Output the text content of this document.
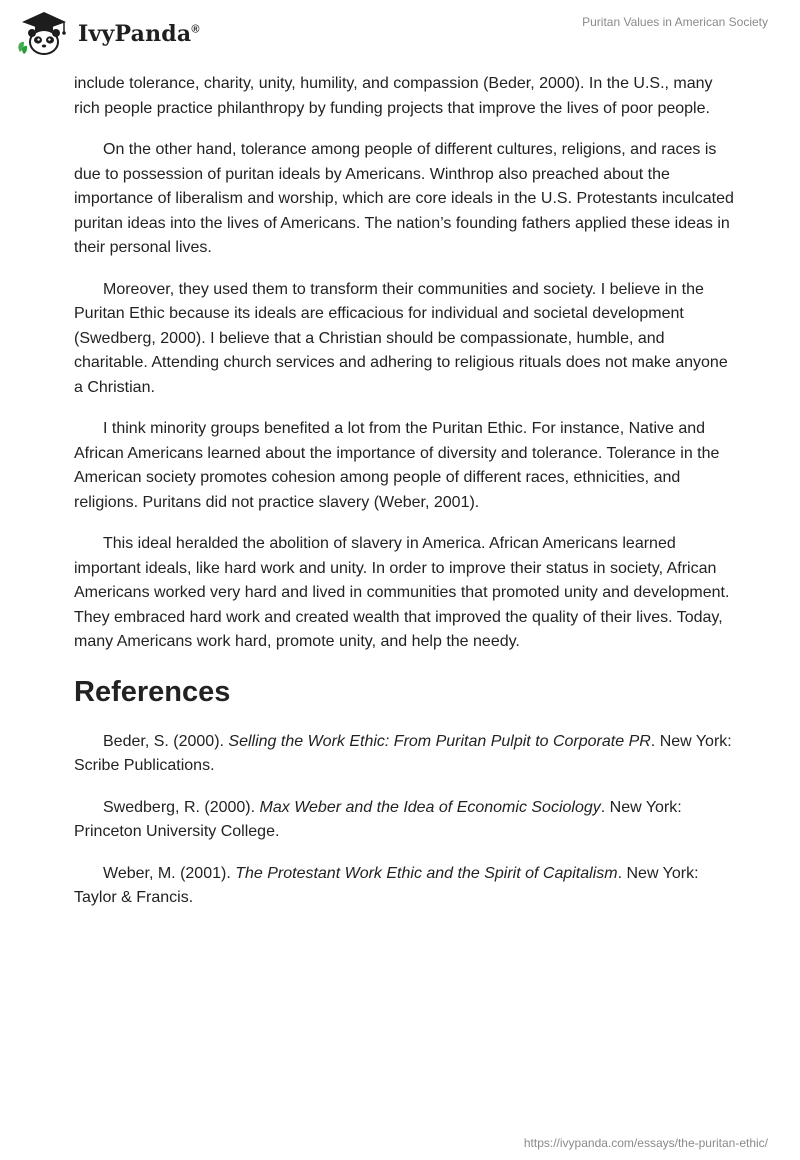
IvyPanda®
Puritan Values in American Society

include tolerance, charity, unity, humility, and compassion (Beder, 2000). In the U.S., many rich people practice philanthropy by funding projects that improve the lives of poor people.

On the other hand, tolerance among people of different cultures, religions, and races is due to possession of puritan ideals by Americans. Winthrop also preached about the importance of liberalism and worship, which are core ideals in the U.S. Protestants inculcated puritan ideas into the lives of Americans. The nation’s founding fathers applied these ideas in their personal lives.

Moreover, they used them to transform their communities and society. I believe in the Puritan Ethic because its ideals are efficacious for individual and societal development (Swedberg, 2000). I believe that a Christian should be compassionate, humble, and charitable. Attending church services and adhering to religious rituals does not make anyone a Christian.

I think minority groups benefited a lot from the Puritan Ethic. For instance, Native and African Americans learned about the importance of diversity and tolerance. Tolerance in the American society promotes cohesion among people of different races, ethnicities, and religions. Puritans did not practice slavery (Weber, 2001).

This ideal heralded the abolition of slavery in America. African Americans learned important ideals, like hard work and unity. In order to improve their status in society, African Americans worked very hard and lived in communities that promoted unity and development. They embraced hard work and created wealth that improved the quality of their lives. Today, many Americans work hard, promote unity, and help the needy.

References

Beder, S. (2000). Selling the Work Ethic: From Puritan Pulpit to Corporate PR. New York: Scribe Publications.

Swedberg, R. (2000). Max Weber and the Idea of Economic Sociology. New York: Princeton University College.

Weber, M. (2001). The Protestant Work Ethic and the Spirit of Capitalism. New York: Taylor & Francis.

https://ivypanda.com/essays/the-puritan-ethic/
